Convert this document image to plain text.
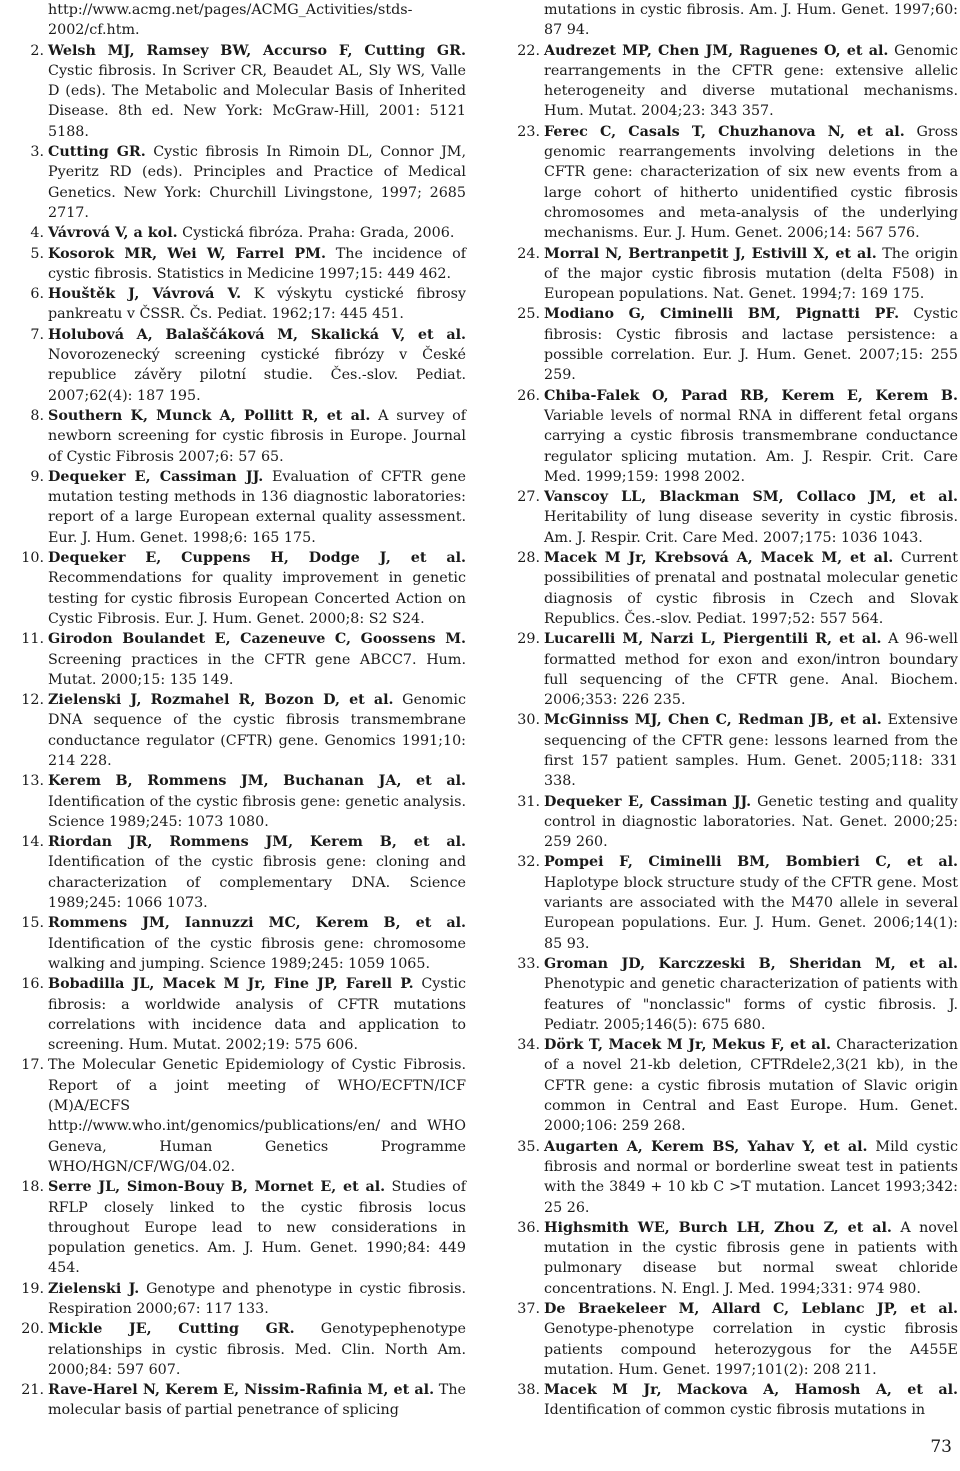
http://www.acmg.net/pages/ACMG_Activities/stds-2002/cf.htm.
2. Welsh MJ, Ramsey BW, Accurso F, Cutting GR. Cystic fibrosis. In Scriver CR, Beaudet AL, Sly WS, Valle D (eds). The Metabolic and Molecular Basis of Inherited Disease. 8th ed. New York: McGraw-Hill, 2001: 5121 5188.
3. Cutting GR. Cystic fibrosis In Rimoin DL, Connor JM, Pyeritz RD (eds). Principles and Practice of Medical Genetics. New York: Churchill Livingstone, 1997; 2685 2717.
4. Vávrová V, a kol. Cystická fibróza. Praha: Grada, 2006.
5. Kosorok MR, Wei W, Farrel PM. The incidence of cystic fibrosis. Statistics in Medicine 1997;15: 449 462.
6. Houštěk J, Vávrová V. K výskytu cystické fibrosy pankreatu v ČSSR. Čs. Pediat. 1962;17: 445 451.
7. Holubová A, Balaščáková M, Skalická V, et al. Novorozenecký screening cystické fibrózy v České republice závěry pilotní studie. Čes.-slov. Pediat. 2007;62(4): 187 195.
8. Southern K, Munck A, Pollitt R, et al. A survey of newborn screening for cystic fibrosis in Europe. Journal of Cystic Fibrosis 2007;6: 57 65.
9. Dequeker E, Cassiman JJ. Evaluation of CFTR gene mutation testing methods in 136 diagnostic laboratories: report of a large European external quality assessment. Eur. J. Hum. Genet. 1998;6: 165 175.
10. Dequeker E, Cuppens H, Dodge J, et al. Recommendations for quality improvement in genetic testing for cystic fibrosis European Concerted Action on Cystic Fibrosis. Eur. J. Hum. Genet. 2000;8: S2 S24.
11. Girodon Boulandet E, Cazeneuve C, Goossens M. Screening practices in the CFTR gene ABCC7. Hum. Mutat. 2000;15: 135 149.
12. Zielenski J, Rozmahel R, Bozon D, et al. Genomic DNA sequence of the cystic fibrosis transmembrane conductance regulator (CFTR) gene. Genomics 1991;10: 214 228.
13. Kerem B, Rommens JM, Buchanan JA, et al. Identification of the cystic fibrosis gene: genetic analysis. Science 1989;245: 1073 1080.
14. Riordan JR, Rommens JM, Kerem B, et al. Identification of the cystic fibrosis gene: cloning and characterization of complementary DNA. Science 1989;245: 1066 1073.
15. Rommens JM, Iannuzzi MC, Kerem B, et al. Identification of the cystic fibrosis gene: chromosome walking and jumping. Science 1989;245: 1059 1065.
16. Bobadilla JL, Macek M Jr, Fine JP, Farell P. Cystic fibrosis: a worldwide analysis of CFTR mutations correlations with incidence data and application to screening. Hum. Mutat. 2002;19: 575 606.
17. The Molecular Genetic Epidemiology of Cystic Fibrosis. Report of a joint meeting of WHO/ECFTN/ICF (M)A/ECFS http://www.who.int/genomics/publications/en/ and WHO Geneva, Human Genetics Programme WHO/HGN/CF/WG/04.02.
18. Serre JL, Simon-Bouy B, Mornet E, et al. Studies of RFLP closely linked to the cystic fibrosis locus throughout Europe lead to new considerations in population genetics. Am. J. Hum. Genet. 1990;84: 449 454.
19. Zielenski J. Genotype and phenotype in cystic fibrosis. Respiration 2000;67: 117 133.
20. Mickle JE, Cutting GR. Genotypephenotype relationships in cystic fibrosis. Med. Clin. North Am. 2000;84: 597 607.
21. Rave-Harel N, Kerem E, Nissim-Rafinia M, et al. The molecular basis of partial penetrance of splicing
mutations in cystic fibrosis. Am. J. Hum. Genet. 1997;60: 87 94.
22. Audrezet MP, Chen JM, Raguenes O, et al. Genomic rearrangements in the CFTR gene: extensive allelic heterogeneity and diverse mutational mechanisms. Hum. Mutat. 2004;23: 343 357.
23. Ferec C, Casals T, Chuzhanova N, et al. Gross genomic rearrangements involving deletions in the CFTR gene: characterization of six new events from a large cohort of hitherto unidentified cystic fibrosis chromosomes and meta-analysis of the underlying mechanisms. Eur. J. Hum. Genet. 2006;14: 567 576.
24. Morral N, Bertranpetit J, Estivill X, et al. The origin of the major cystic fibrosis mutation (delta F508) in European populations. Nat. Genet. 1994;7: 169 175.
25. Modiano G, Ciminelli BM, Pignatti PF. Cystic fibrosis: Cystic fibrosis and lactase persistence: a possible correlation. Eur. J. Hum. Genet. 2007;15: 255 259.
26. Chiba-Falek O, Parad RB, Kerem E, Kerem B. Variable levels of normal RNA in different fetal organs carrying a cystic fibrosis transmembrane conductance regulator splicing mutation. Am. J. Respir. Crit. Care Med. 1999;159: 1998 2002.
27. Vanscoy LL, Blackman SM, Collaco JM, et al. Heritability of lung disease severity in cystic fibrosis. Am. J. Respir. Crit. Care Med. 2007;175: 1036 1043.
28. Macek M Jr, Krebsová A, Macek M, et al. Current possibilities of prenatal and postnatal molecular genetic diagnosis of cystic fibrosis in Czech and Slovak Republics. Čes.-slov. Pediat. 1997;52: 557 564.
29. Lucarelli M, Narzi L, Piergentili R, et al. A 96-well formatted method for exon and exon/intron boundary full sequencing of the CFTR gene. Anal. Biochem. 2006;353: 226 235.
30. McGinniss MJ, Chen C, Redman JB, et al. Extensive sequencing of the CFTR gene: lessons learned from the first 157 patient samples. Hum. Genet. 2005;118: 331 338.
31. Dequeker E, Cassiman JJ. Genetic testing and quality control in diagnostic laboratories. Nat. Genet. 2000;25: 259 260.
32. Pompei F, Ciminelli BM, Bombieri C, et al. Haplotype block structure study of the CFTR gene. Most variants are associated with the M470 allele in several European populations. Eur. J. Hum. Genet. 2006;14(1): 85 93.
33. Groman JD, Karczzeski B, Sheridan M, et al. Phenotypic and genetic characterization of patients with features of "nonclassic" forms of cystic fibrosis. J. Pediatr. 2005;146(5): 675 680.
34. Dörk T, Macek M Jr, Mekus F, et al. Characterization of a novel 21-kb deletion, CFTRdele2,3(21 kb), in the CFTR gene: a cystic fibrosis mutation of Slavic origin common in Central and East Europe. Hum. Genet. 2000;106: 259 268.
35. Augarten A, Kerem BS, Yahav Y, et al. Mild cystic fibrosis and normal or borderline sweat test in patients with the 3849 + 10 kb C >T mutation. Lancet 1993;342: 25 26.
36. Highsmith WE, Burch LH, Zhou Z, et al. A novel mutation in the cystic fibrosis gene in patients with pulmonary disease but normal sweat chloride concentrations. N. Engl. J. Med. 1994;331: 974 980.
37. De Braekeleer M, Allard C, Leblanc JP, et al. Genotype-phenotype correlation in cystic fibrosis patients compound heterozygous for the A455E mutation. Hum. Genet. 1997;101(2): 208 211.
38. Macek M Jr, Mackova A, Hamosh A, et al. Identification of common cystic fibrosis mutations in
73
